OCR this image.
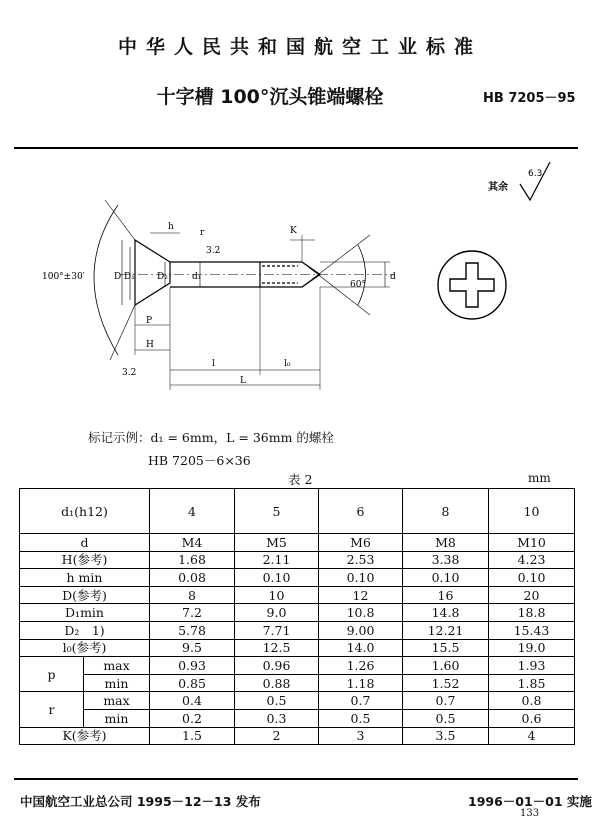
中华人民共和国航空工业标准
十字槽 100°沉头锥端螺栓	HB 7205－95
其余
6.3
100°±30′
h
r
3.2
K
D D₁ D₂	d₁
60°
d
P
H
l	l₀
L
3.2
标记示例：d₁ = 6mm，L = 36mm 的螺栓
HB 7205－6×36
表 2	mm
d₁(h12)		4	5	6	8	10
d		M4	M5	M6	M8	M10
H(参考)		1.68	2.11	2.53	3.38	4.23
h min		0.08	0.10	0.10	0.10	0.10
D(参考)		8	10	12	16	20
D₁min		7.2	9.0	10.8	14.8	18.8
D₂　1)		5.78	7.71	9.00	12.21	15.43
l₀(参考)		9.5	12.5	14.0	15.5	19.0
p	max	0.93	0.96	1.26	1.60	1.93
	min	0.85	0.88	1.18	1.52	1.85
r	max	0.4	0.5	0.7	0.7	0.8
	min	0.2	0.3	0.5	0.5	0.6
K(参考)		1.5	2	3	3.5	4
中国航空工业总公司 1995－12－13 发布	1996－01－01 实施
133
